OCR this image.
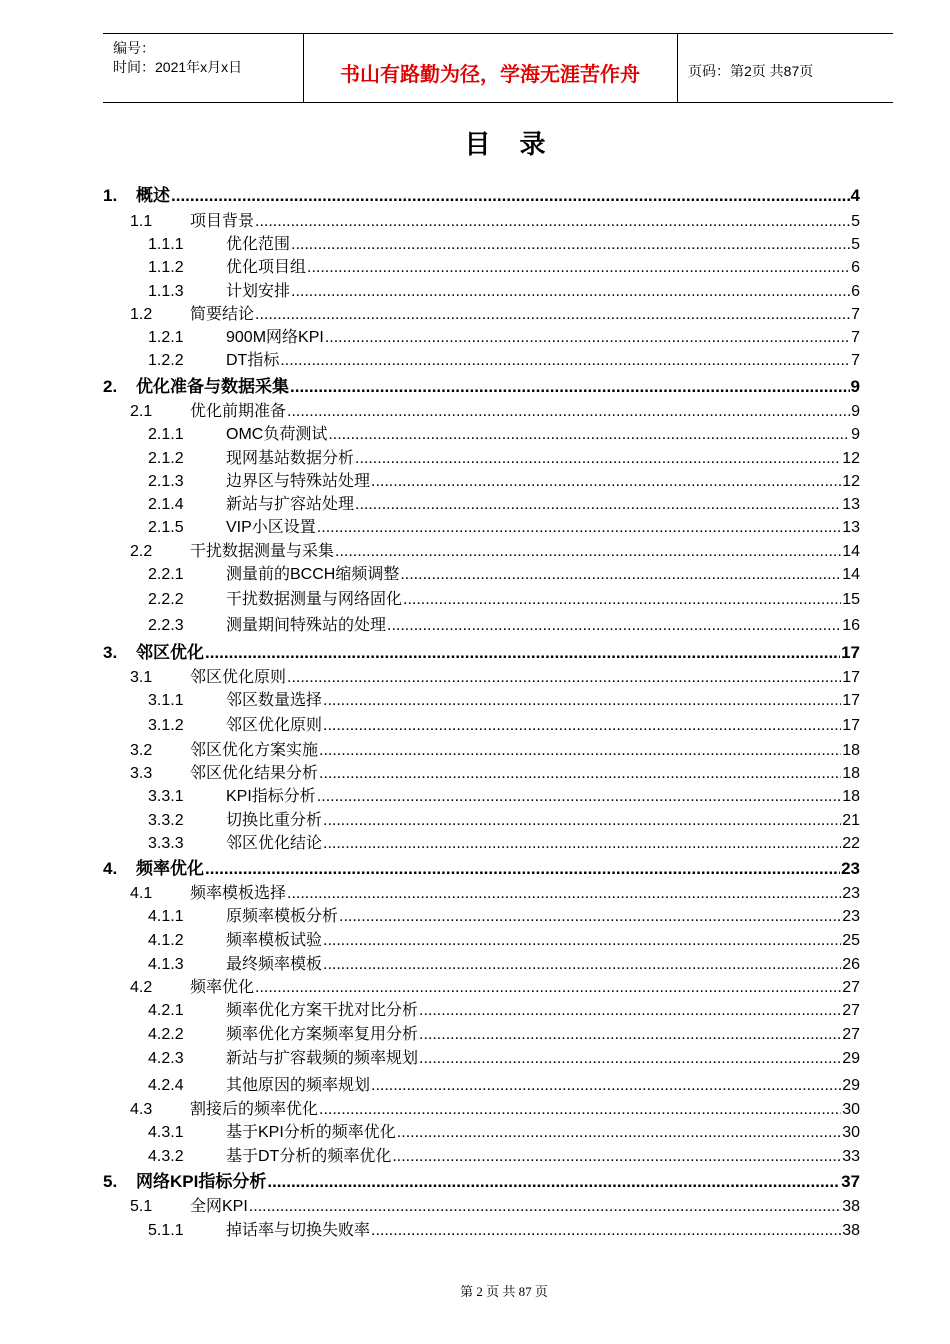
编号：
时间：2021年x月x日	书山有路勤为径，学海无涯苦作舟	页码：第2页 共87页
目    录
1.	概述 .....	4
1.1	项目背景 .....	5
1.1.1	优化范围 .....	5
1.1.2	优化项目组 .....	6
1.1.3	计划安排 .....	6
1.2	简要结论 .....	7
1.2.1	900M网络KPI .....	7
1.2.2	DT指标 .....	7
2.	优化准备与数据采集 .....	9
2.1	优化前期准备 .....	9
2.1.1	OMC负荷测试 .....	9
2.1.2	现网基站数据分析 .....	12
2.1.3	边界区与特殊站处理 .....	12
2.1.4	新站与扩容站处理 .....	13
2.1.5	VIP小区设置 .....	13
2.2	干扰数据测量与采集 .....	14
2.2.1	测量前的BCCH缩频调整 .....	14
2.2.2	干扰数据测量与网络固化 .....	15
2.2.3	测量期间特殊站的处理 .....	16
3.	邻区优化 .....	17
3.1	邻区优化原则 .....	17
3.1.1	邻区数量选择 .....	17
3.1.2	邻区优化原则 .....	17
3.2	邻区优化方案实施 .....	18
3.3	邻区优化结果分析 .....	18
3.3.1	KPI指标分析 .....	18
3.3.2	切换比重分析 .....	21
3.3.3	邻区优化结论 .....	22
4.	频率优化 .....	23
4.1	频率模板选择 .....	23
4.1.1	原频率模板分析 .....	23
4.1.2	频率模板试验 .....	25
4.1.3	最终频率模板 .....	26
4.2	频率优化 .....	27
4.2.1	频率优化方案干扰对比分析 .....	27
4.2.2	频率优化方案频率复用分析 .....	27
4.2.3	新站与扩容载频的频率规划 .....	29
4.2.4	其他原因的频率规划 .....	29
4.3	割接后的频率优化 .....	30
4.3.1	基于KPI分析的频率优化 .....	30
4.3.2	基于DT分析的频率优化 .....	33
5.	网络KPI指标分析 .....	37
5.1	全网KPI .....	38
5.1.1	掉话率与切换失败率 .....	38
第 2 页 共 87 页
